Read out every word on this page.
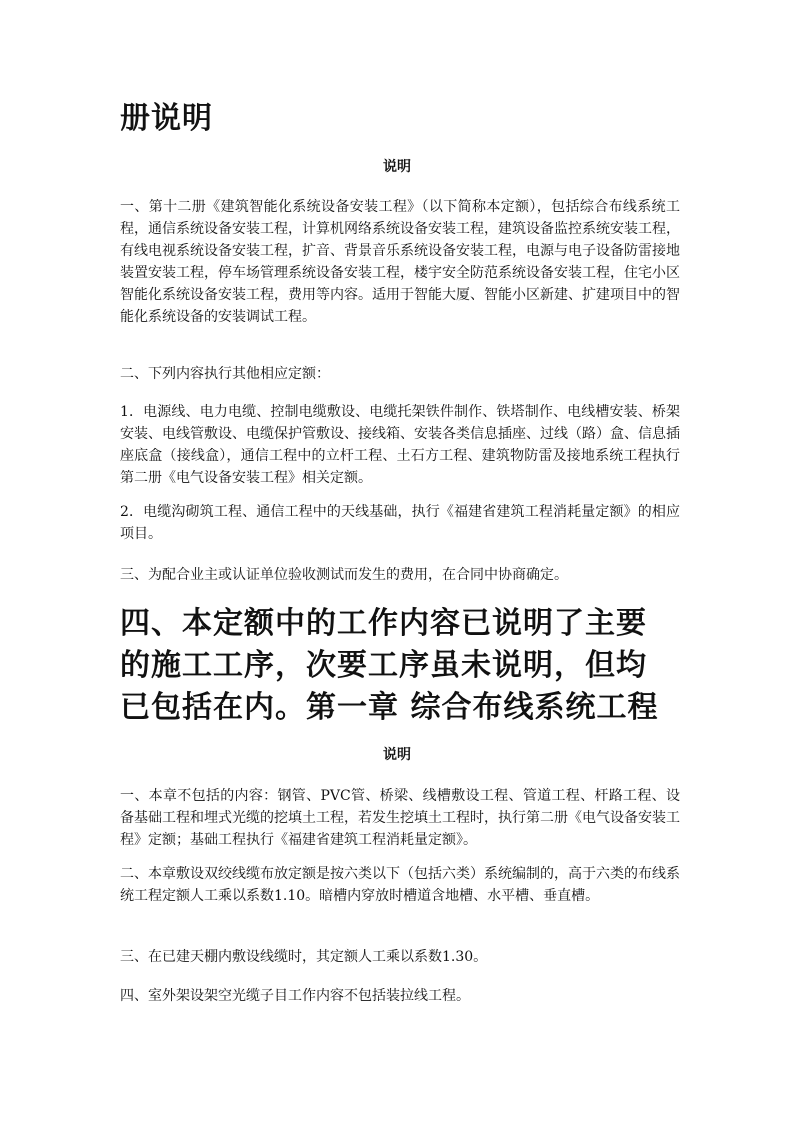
册说明
说明
一、第十二册《建筑智能化系统设备安装工程》（以下简称本定额），包括综合布线系统工程，通信系统设备安装工程，计算机网络系统设备安装工程，建筑设备监控系统安装工程，有线电视系统设备安装工程，扩音、背景音乐系统设备安装工程，电源与电子设备防雷接地装置安装工程，停车场管理系统设备安装工程，楼宇安全防范系统设备安装工程，住宅小区智能化系统设备安装工程，费用等内容。适用于智能大厦、智能小区新建、扩建项目中的智能化系统设备的安装调试工程。
二、下列内容执行其他相应定额：
1．电源线、电力电缆、控制电缆敷设、电缆托架铁件制作、铁塔制作、电线槽安装、桥架安装、电线管敷设、电缆保护管敷设、接线箱、安装各类信息插座、过线（路）盒、信息插座底盒（接线盒），通信工程中的立杆工程、土石方工程、建筑物防雷及接地系统工程执行第二册《电气设备安装工程》相关定额。
2．电缆沟砌筑工程、通信工程中的天线基础，执行《福建省建筑工程消耗量定额》的相应项目。
三、为配合业主或认证单位验收测试而发生的费用，在合同中协商确定。
四、本定额中的工作内容已说明了主要
的施工工序，次要工序虽未说明，但均
已包括在内。第一章 综合布线系统工程
说明
一、本章不包括的内容：钢管、PVC管、桥梁、线槽敷设工程、管道工程、杆路工程、设备基础工程和埋式光缆的挖填土工程，若发生挖填土工程时，执行第二册《电气设备安装工程》定额；基础工程执行《福建省建筑工程消耗量定额》。
二、本章敷设双绞线缆布放定额是按六类以下（包括六类）系统编制的，高于六类的布线系统工程定额人工乘以系数1.10。暗槽内穿放时槽道含地槽、水平槽、垂直槽。
三、在已建天棚内敷设线缆时，其定额人工乘以系数1.30。
四、室外架设架空光缆子目工作内容不包括装拉线工程。
